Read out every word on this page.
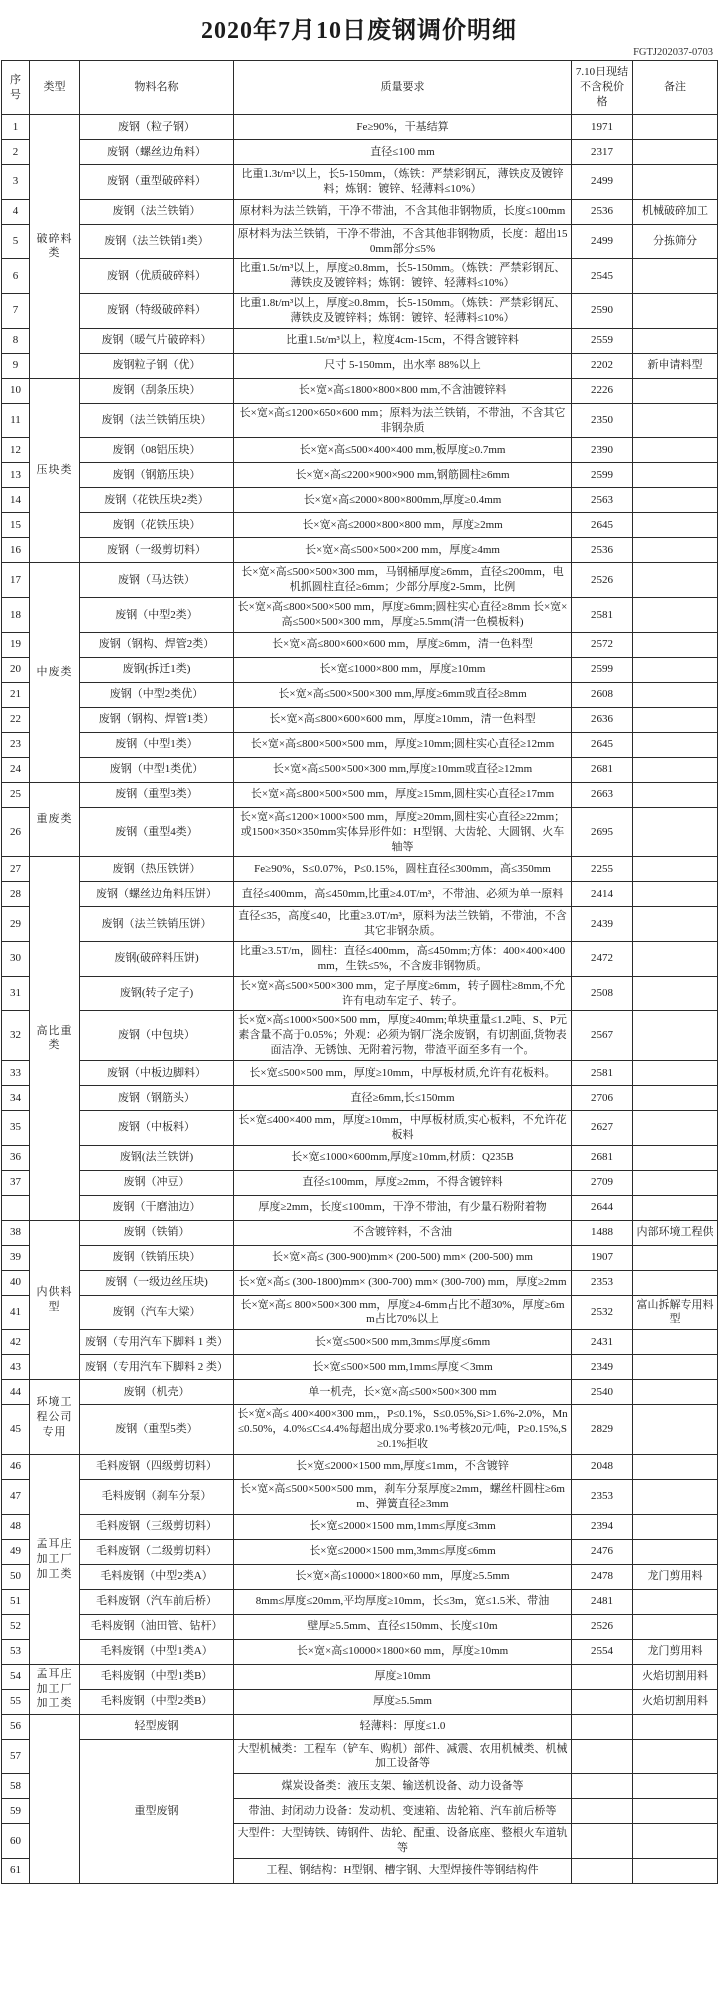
2020年7月10日废钢调价明细
FGTJ202037-0703
序号	类型	物料名称	质量要求	7.10日现结不含税价格	备注
1	破碎料类	废钢（粒子钢）	Fe≥90%，干基结算	1971	
2		废钢（螺丝边角料）	直径≤100 mm	2317	
3		废钢（重型破碎料）	比重1.3t/m³以上，长5-150mm，（炼铁：严禁彩钢瓦，薄铁皮及镀锌料；炼钢：镀锌、轻薄料≤10%）	2499	
4		废钢（法兰铁销）	原材料为法兰铁销，干净不带油，不含其他非钢物质，长度≤100mm	2536	机械破碎加工
5		废钢（法兰铁销1类）	原材料为法兰铁销，干净不带油，不含其他非钢物质，长度：超出150mm部分≤5%	2499	分拣筛分
6		废钢（优质破碎料）	比重1.5t/m³以上，厚度≥0.8mm，长5-150mm。（炼铁：严禁彩钢瓦、薄铁皮及镀锌料；炼钢：镀锌、轻薄料≤10%）	2545	
7		废钢（特级破碎料）	比重1.8t/m³以上，厚度≥0.8mm，长5-150mm。（炼铁：严禁彩钢瓦、薄铁皮及镀锌料；炼钢：镀锌、轻薄料≤10%）	2590	
8		废钢（暖气片破碎料）	比重1.5t/m³以上，粒度4cm-15cm，不得含镀锌料	2559	
9		废钢粒子钢（优）	尺寸 5-150mm，出水率 88%以上	2202	新申请料型
10	压块类	废钢（刮条压块）	长×宽×高≤1800×800×800 mm,不含油镀锌料	2226	
11		废钢（法兰铁销压块）	长×宽×高≤1200×650×600 mm；原料为法兰铁销，不带油，不含其它非钢杂质	2350	
12		废钢（08铝压块）	长×宽×高≤500×400×400 mm,板厚度≥0.7mm	2390	
13		废钢（钢筋压块）	长×宽×高≤2200×900×900 mm,钢筋圆柱≥6mm	2599	
14		废钢（花铁压块2类）	长×宽×高≤2000×800×800mm,厚度≥0.4mm	2563	
15		废钢（花铁压块）	长×宽×高≤2000×800×800 mm，厚度≥2mm	2645	
16		废钢（一级剪切料）	长×宽×高≤500×500×200 mm，厚度≥4mm	2536	
17	中废类	废钢（马达铁）	长×宽×高≤500×500×300 mm，马钢桶厚度≥6mm，直径≤200mm，电机抓圆柱直径≥6mm；少部分厚度2-5mm，比例	2526	
18		废钢（中型2类）	长×宽×高≤800×500×500 mm，厚度≥6mm;圆柱实心直径≥8mm 长×宽×高≤500×500×300 mm，厚度≥5.5mm(清一色模板料)	2581	
19		废钢（钢构、焊管2类）	长×宽×高≤800×600×600 mm，厚度≥6mm，清一色料型	2572	
20		废钢(拆迁1类)	长×宽≤1000×800 mm，厚度≥10mm	2599	
21		废钢（中型2类优）	长×宽×高≤500×500×300 mm,厚度≥6mm或直径≥8mm	2608	
22		废钢（钢构、焊管1类）	长×宽×高≤800×600×600 mm，厚度≥10mm，清一色料型	2636	
23		废钢（中型1类）	长×宽×高≤800×500×500 mm，厚度≥10mm;圆柱实心直径≥12mm	2645	
24		废钢（中型1类优）	长×宽×高≤500×500×300 mm,厚度≥10mm或直径≥12mm	2681	
25	重废类	废钢（重型3类）	长×宽×高≤800×500×500 mm，厚度≥15mm,圆柱实心直径≥17mm	2663	
26		废钢（重型4类）	长×宽×高≤1200×1000×500 mm，厚度≥20mm,圆柱实心直径≥22mm；或1500×350×350mm实体异形件如：H型钢、大齿轮、大圆钢、火车轴等	2695	
27	高比重类	废钢（热压铁饼）	Fe≥90%，S≤0.07%，P≤0.15%，圆柱直径≤300mm，高≤350mm	2255	
28		废钢（螺丝边角料压饼）	直径≤400mm，高≤450mm,比重≥4.0T/m³，不带油、必须为单一原料	2414	
29		废钢（法兰铁销压饼）	直径≤35，高度≤40，比重≥3.0T/m³，原料为法兰铁销，不带油，不含其它非钢杂质。	2439	
30		废钢(破碎料压饼)	比重≥3.5T/m，圆柱：直径≤400mm，高≤450mm;方体：400×400×400mm，生铁≤5%，不含废非钢物质。	2472	
31		废钢(转子定子)	长×宽×高≤500×500×300 mm，定子厚度≥6mm，转子圆柱≥8mm,不允许有电动车定子、转子。	2508	
32		废钢（中包块）	长×宽×高≤1000×500×500 mm，厚度≥40mm;单块重量≤1.2吨、S、P元素含量不高于0.05%；外观：必须为钢厂浇余废钢，有切割面,货物表面洁净、无锈蚀、无附着污物，带渣平面至多有一个。	2567	
33		废钢（中板边脚料）	长×宽≤500×500 mm，厚度≥10mm，中厚板材质,允许有花板料。	2581	
34		废钢（钢筋头）	直径≥6mm,长≤150mm	2706	
35		废钢（中板料）	长×宽≤400×400 mm，厚度≥10mm，中厚板材质,实心板料，不允许花板料	2627	
36		废钢(法兰铁饼)	长×宽≤1000×600mm,厚度≥10mm,材质：Q235B	2681	
37		废钢（冲豆）	直径≤100mm，厚度≥2mm，不得含镀锌料	2709	
		废钢（干磨油边）	厚度≥2mm，长度≤100mm，干净不带油，有少量石粉附着物	2644	
38	内供料型	废钢（铁销）	不含镀锌料，不含油	1488	内部环境工程供
39		废钢（铁销压块）	长×宽×高≤ (300-900)mm× (200-500) mm× (200-500) mm	1907	
40		废钢（一级边丝压块)	长×宽×高≤ (300-1800)mm× (300-700) mm× (300-700) mm，厚度≥2mm	2353	
41		废钢（汽车大梁）	长×宽×高≤ 800×500×300 mm，厚度≥4-6mm占比不超30%，厚度≥6mm占比70%以上	2532	富山拆解专用料型
42		废钢（专用汽车下脚料 1 类）	长×宽≤500×500 mm,3mm≤厚度≤6mm	2431	
43		废钢（专用汽车下脚料 2 类）	长×宽≤500×500 mm,1mm≤厚度＜3mm	2349	
44	环境工程公司专用	废钢（机壳）	单一机壳，长×宽×高≤500×500×300 mm	2540	
45		废钢（重型5类）	长×宽×高≤ 400×400×300 mm,，P≤0.1%，S≤0.05%,Si>1.6%-2.0%，Mn≤0.50%，4.0%≤C≤4.4%每超出成分要求0.1%考核20元/吨，P≥0.15%,S≥0.1%拒收	2829	
46	孟耳庄加工厂加工类	毛料废钢（四级剪切料）	长×宽≤2000×1500 mm,厚度≤1mm，不含镀锌	2048	
47		毛料废钢（刹车分泵）	长×宽×高≤500×500×500 mm，刹车分泵厚度≥2mm，螺丝杆圆柱≥6mm、弹簧直径≥3mm	2353	
48		毛料废钢（三级剪切料）	长×宽≤2000×1500 mm,1mm≤厚度≤3mm	2394	
49		毛料废钢（二级剪切料）	长×宽≤2000×1500 mm,3mm≤厚度≤6mm	2476	
50		毛料废钢（中型2类A）	长×宽×高≤10000×1800×60 mm，厚度≥5.5mm	2478	龙门剪用料
51		毛料废钢（汽车前后桥）	8mm≤厚度≤20mm,平均厚度≥10mm，长≤3m，宽≤1.5米、带油	2481	
52		毛料废钢（油田管、钻杆）	壁厚≥5.5mm、直径≤150mm、长度≤10m	2526	
53		毛料废钢（中型1类A）	长×宽×高≤10000×1800×60 mm，厚度≥10mm	2554	龙门剪用料
54	孟耳庄加工厂加工类	毛料废钢（中型1类B）	厚度≥10mm		火焰切割用料
55		毛料废钢（中型2类B）	厚度≥5.5mm		火焰切割用料
56		轻型废钢	轻薄料：厚度≤1.0		
57		重型废钢	大型机械类：工程车（铲车、购机）部件、减震、农用机械类、机械加工设备等		
58			煤炭设备类：液压支架、输送机设备、动力设备等		
59			带油、封闭动力设备：发动机、变速箱、齿轮箱、汽车前后桥等		
60			大型件：大型铸铁、铸钢件、齿轮、配重、设备底座、整根火车道轨等		
61			工程、钢结构：H型钢、槽字钢、大型焊接件等钢结构件		
